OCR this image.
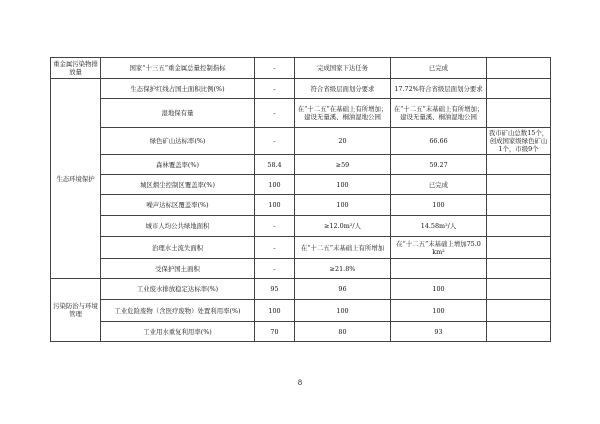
重金属污染物排放量	国家“十三五”重金属总量控制指标	-	完成国家下达任务	已完成	
生态环境保护	生态保护红线占国土面积比例(%)	-	符合省级层面划分要求	17.72%符合省级层面划分要求	
	湿地保有量	-	在“十二五”在基础上有所增加；建设无量溪、桐油湿地公园	在“十二五”末基础上有所增加；建设无量溪、桐油湿地公园	
	绿色矿山达标率(%)	-	20	66.66	我市矿山总数15个，创成国家级绿色矿山1个，市级9个
	森林覆盖率(%)	58.4	≥59	59.27	
	城区烟尘控制区覆盖率(%)	100	100	已完成	
	噪声达标区覆盖率(%)	100	100	100	
	城市人均公共绿地面积	-	≥12.0m²/人	14.58m²/人	
	治理水土流失面积	-	在“十二五”末基础上有所增加	在“十二五”末基础上增加75.0 km²	
	受保护国土面积	-	≥21.8%		
污染防治与环境管理	工业废水排放稳定达标率(%)	95	96	100	
	工业危险废物（含医疗废物）处置利用率(%)	100	100	100	
	工业用水重复利用率(%)	70	80	93	
8
